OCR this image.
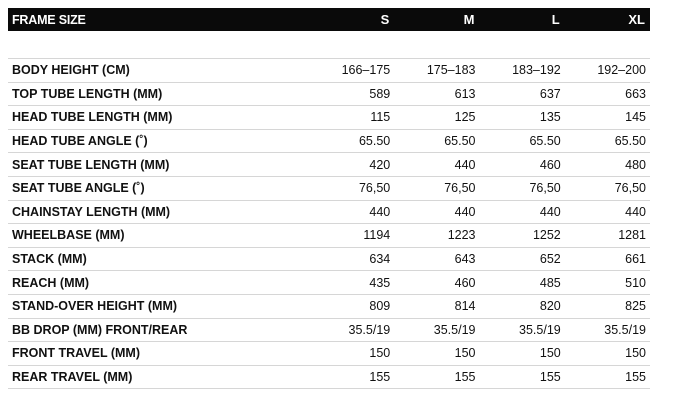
FRAME SIZE	S	M	L	XL
BODY HEIGHT (CM)	166–175	175–183	183–192	192–200
TOP TUBE LENGTH (MM)	589	613	637	663
HEAD TUBE LENGTH (MM)	115	125	135	145
HEAD TUBE ANGLE (˚)	65.50	65.50	65.50	65.50
SEAT TUBE LENGTH (MM)	420	440	460	480
SEAT TUBE ANGLE (˚)	76,50	76,50	76,50	76,50
CHAINSTAY LENGTH (MM)	440	440	440	440
WHEELBASE (MM)	1194	1223	1252	1281
STACK (MM)	634	643	652	661
REACH (MM)	435	460	485	510
STAND-OVER HEIGHT (MM)	809	814	820	825
BB DROP (MM) FRONT/REAR	35.5/19	35.5/19	35.5/19	35.5/19
FRONT TRAVEL (MM)	150	150	150	150
REAR TRAVEL (MM)	155	155	155	155
